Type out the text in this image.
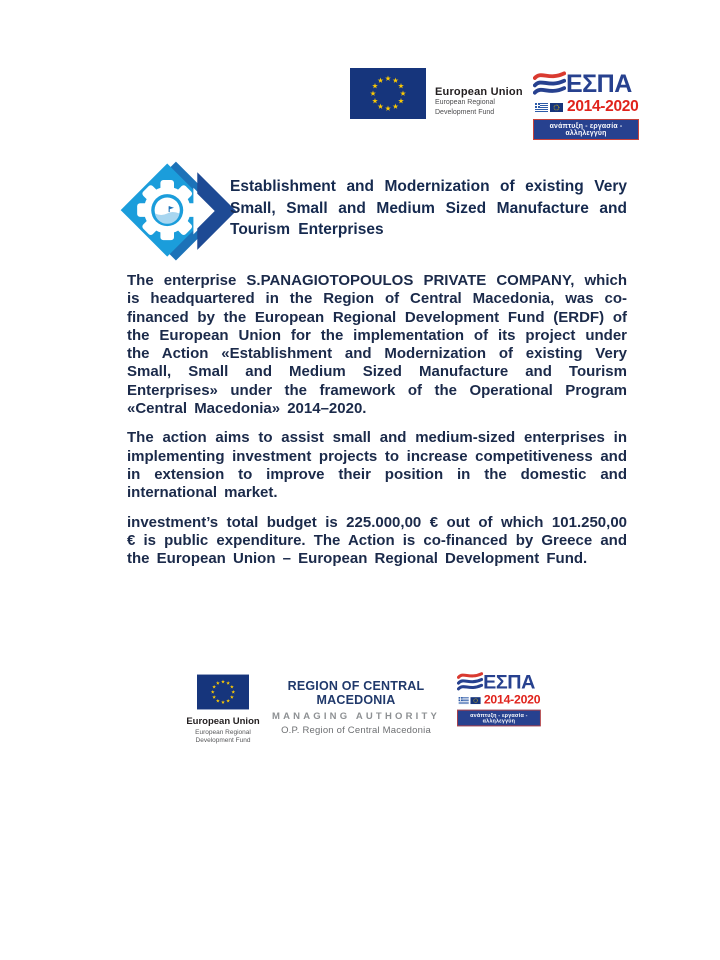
European Union
European Regional
Development Fund
ΕΣΠΑ
2014-2020
ανάπτυξη - εργασία - αλληλεγγύη
Establishment and Modernization of existing Very Small, Small and Medium Sized Manufacture and Tourism Enterprises

The enterprise S.PANAGIOTOPOULOS PRIVATE COMPANY, which is headquartered in the Region of Central Macedonia, was co-financed by the European Regional Development Fund (ERDF) of the European Union for the implementation of its project under the Action «Establishment and Modernization of existing Very Small, Small and Medium Sized Manufacture and Tourism Enterprises» under the framework of the Operational Program «Central Macedonia» 2014–2020.

The action aims to assist small and medium-sized enterprises in implementing investment projects to increase competitiveness and in extension to improve their position in the domestic and international market.

investment’s total budget is 225.000,00 € out of which 101.250,00 € is public expenditure. The Action is co-financed by Greece and the European Union – European Regional Development Fund.

European Union
European Regional
Development Fund
REGION OF CENTRAL MACEDONIA
MANAGING AUTHORITY
O.P. Region of Central Macedonia
ΕΣΠΑ
2014-2020
ανάπτυξη - εργασία - αλληλεγγύη
